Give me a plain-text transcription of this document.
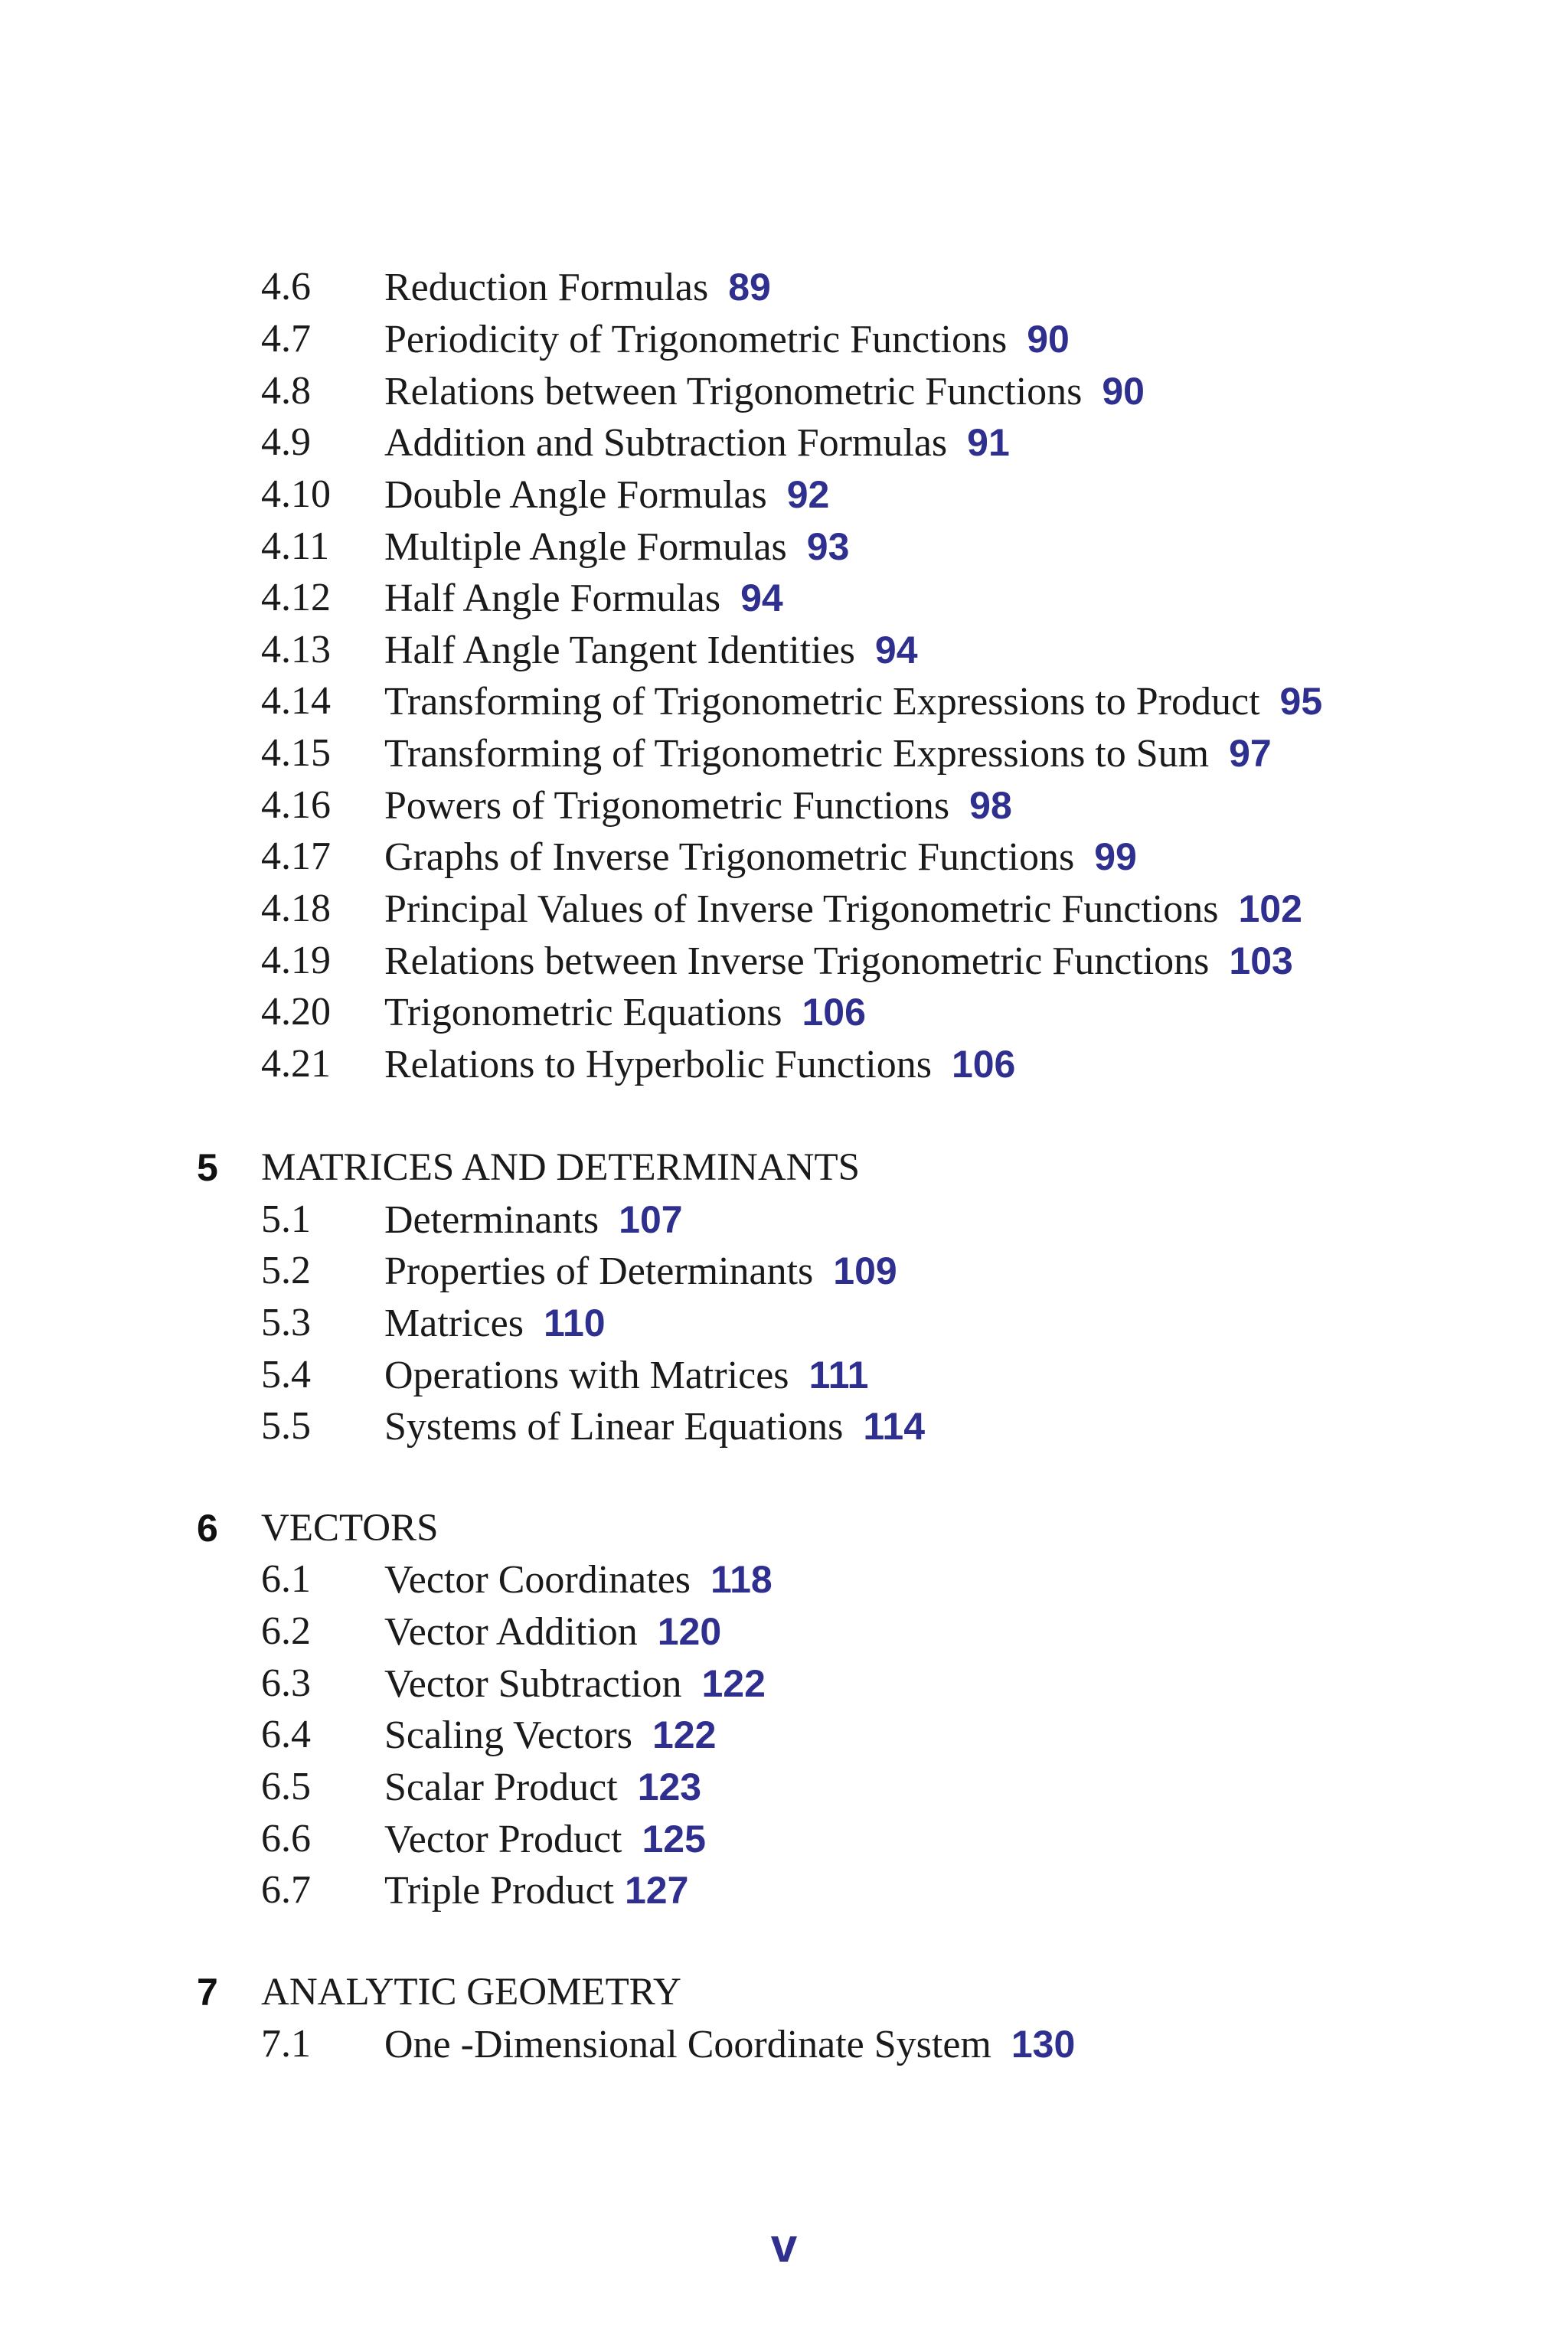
4.6 Reduction Formulas 89
4.7 Periodicity of Trigonometric Functions 90
4.8 Relations between Trigonometric Functions 90
4.9 Addition and Subtraction Formulas 91
4.10 Double Angle Formulas 92
4.11 Multiple Angle Formulas 93
4.12 Half Angle Formulas 94
4.13 Half Angle Tangent Identities 94
4.14 Transforming of Trigonometric Expressions to Product 95
4.15 Transforming of Trigonometric Expressions to Sum 97
4.16 Powers of Trigonometric Functions 98
4.17 Graphs of Inverse Trigonometric Functions 99
4.18 Principal Values of Inverse Trigonometric Functions 102
4.19 Relations between Inverse Trigonometric Functions 103
4.20 Trigonometric Equations 106
4.21 Relations to Hyperbolic Functions 106
5 MATRICES AND DETERMINANTS
5.1 Determinants 107
5.2 Properties of Determinants 109
5.3 Matrices 110
5.4 Operations with Matrices 111
5.5 Systems of Linear Equations 114
6 VECTORS
6.1 Vector Coordinates 118
6.2 Vector Addition 120
6.3 Vector Subtraction 122
6.4 Scaling Vectors 122
6.5 Scalar Product 123
6.6 Vector Product 125
6.7 Triple Product 127
7 ANALYTIC GEOMETRY
7.1 One -Dimensional Coordinate System 130
v
